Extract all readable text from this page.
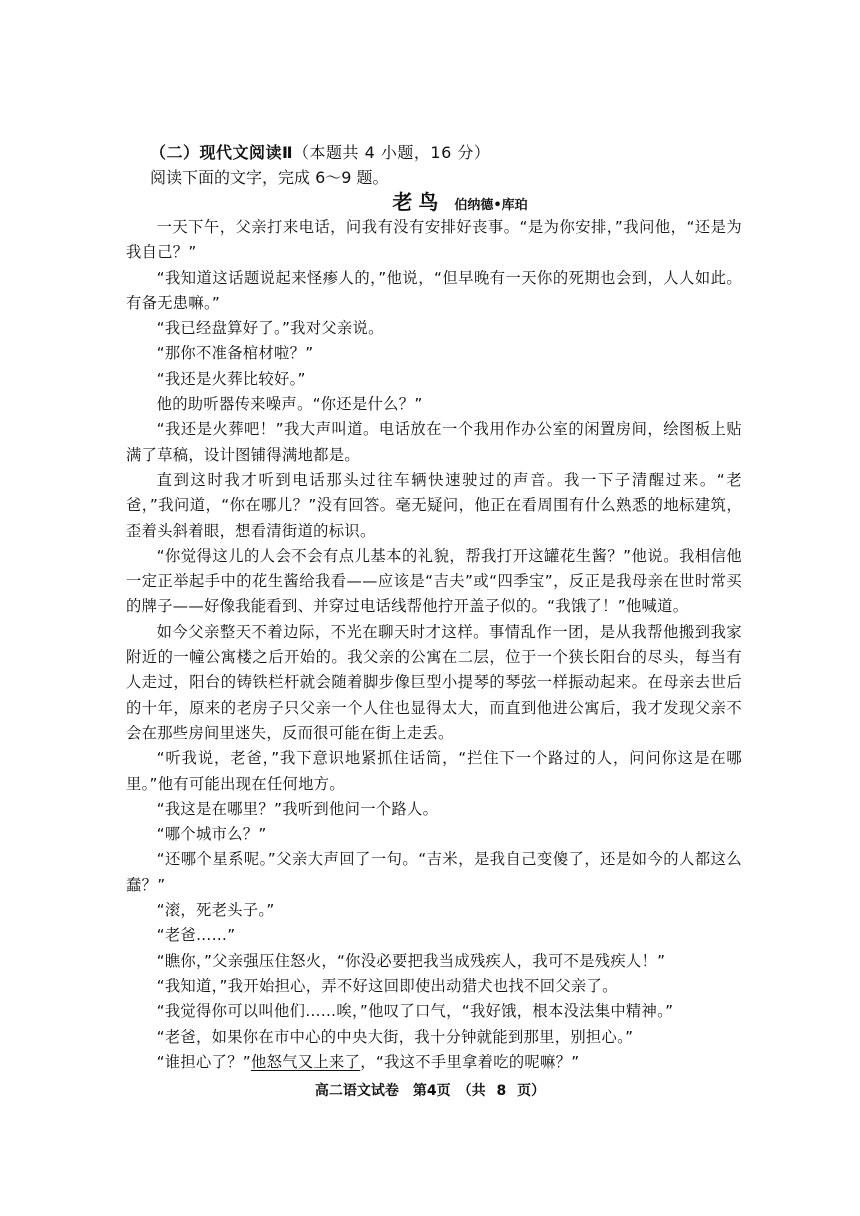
（二）现代文阅读Ⅱ（本题共 4 小题，16 分）
阅读下面的文字，完成 6～9 题。
老鸟 伯纳德•库珀

一天下午，父亲打来电话，问我有没有安排好丧事。“是为你安排，”我问他，“还是为我自己？”

“我知道这话题说起来怪瘆人的，”他说，“但早晚有一天你的死期也会到，人人如此。有备无患嘛。”

“我已经盘算好了。”我对父亲说。

“那你不准备棺材啦？”

“我还是火葬比较好。”

他的助听器传来噪声。“你还是什么？”

“我还是火葬吧！”我大声叫道。电话放在一个我用作办公室的闲置房间，绘图板上贴满了草稿，设计图铺得满地都是。

直到这时我才听到电话那头过往车辆快速驶过的声音。我一下子清醒过来。“老爸，”我问道，“你在哪儿？”没有回答。毫无疑问，他正在看周围有什么熟悉的地标建筑，歪着头斜着眼，想看清街道的标识。

“你觉得这儿的人会不会有点儿基本的礼貌，帮我打开这罐花生酱？”他说。我相信他一定正举起手中的花生酱给我看——应该是“吉夫”或“四季宝”，反正是我母亲在世时常买的牌子——好像我能看到、并穿过电话线帮他拧开盖子似的。“我饿了！”他喊道。

如今父亲整天不着边际，不光在聊天时才这样。事情乱作一团，是从我帮他搬到我家附近的一幢公寓楼之后开始的。我父亲的公寓在二层，位于一个狭长阳台的尽头，每当有人走过，阳台的铸铁栏杆就会随着脚步像巨型小提琴的琴弦一样振动起来。在母亲去世后的十年，原来的老房子只父亲一个人住也显得太大，而直到他进公寓后，我才发现父亲不会在那些房间里迷失，反而很可能在街上走丢。

“听我说，老爸，”我下意识地紧抓住话筒，“拦住下一个路过的人，问问你这是在哪里。”他有可能出现在任何地方。

“我这是在哪里？”我听到他问一个路人。

“哪个城市么？”

“还哪个星系呢。”父亲大声回了一句。“吉米，是我自己变傻了，还是如今的人都这么蠢？”

“滚，死老头子。”

“老爸……”

“瞧你，”父亲强压住怒火，“你没必要把我当成残疾人，我可不是残疾人！”

“我知道，”我开始担心，弄不好这回即使出动猎犬也找不回父亲了。

“我觉得你可以叫他们……唉，”他叹了口气，“我好饿，根本没法集中精神。”

“老爸，如果你在市中心的中央大街，我十分钟就能到那里，别担心。”

“谁担心了？”他怒气又上来了，“我这不手里拿着吃的呢嘛？”

高二语文试卷　第4页　（共 8 页）
